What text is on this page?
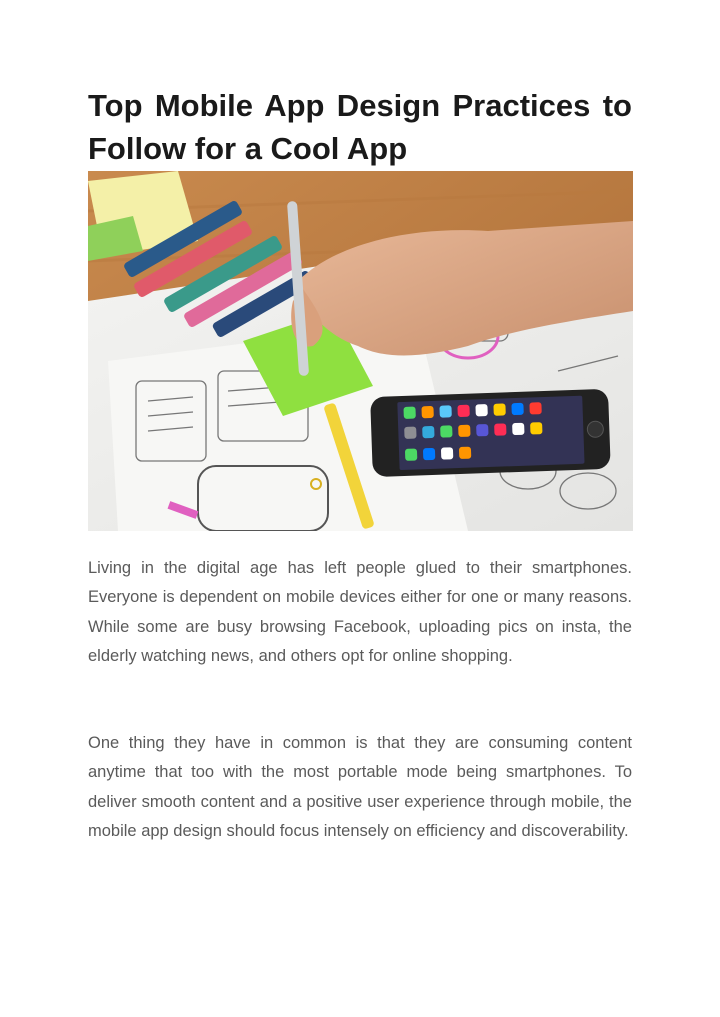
Top Mobile App Design Practices to Follow for a Cool App

Living in the digital age has left people glued to their smartphones. Everyone is dependent on mobile devices either for one or many reasons. While some are busy browsing Facebook, uploading pics on insta, the elderly watching news, and others opt for online shopping.

One thing they have in common is that they are consuming content anytime that too with the most portable mode being smartphones. To deliver smooth content and a positive user experience through mobile, the mobile app design should focus intensely on efficiency and discoverability.
